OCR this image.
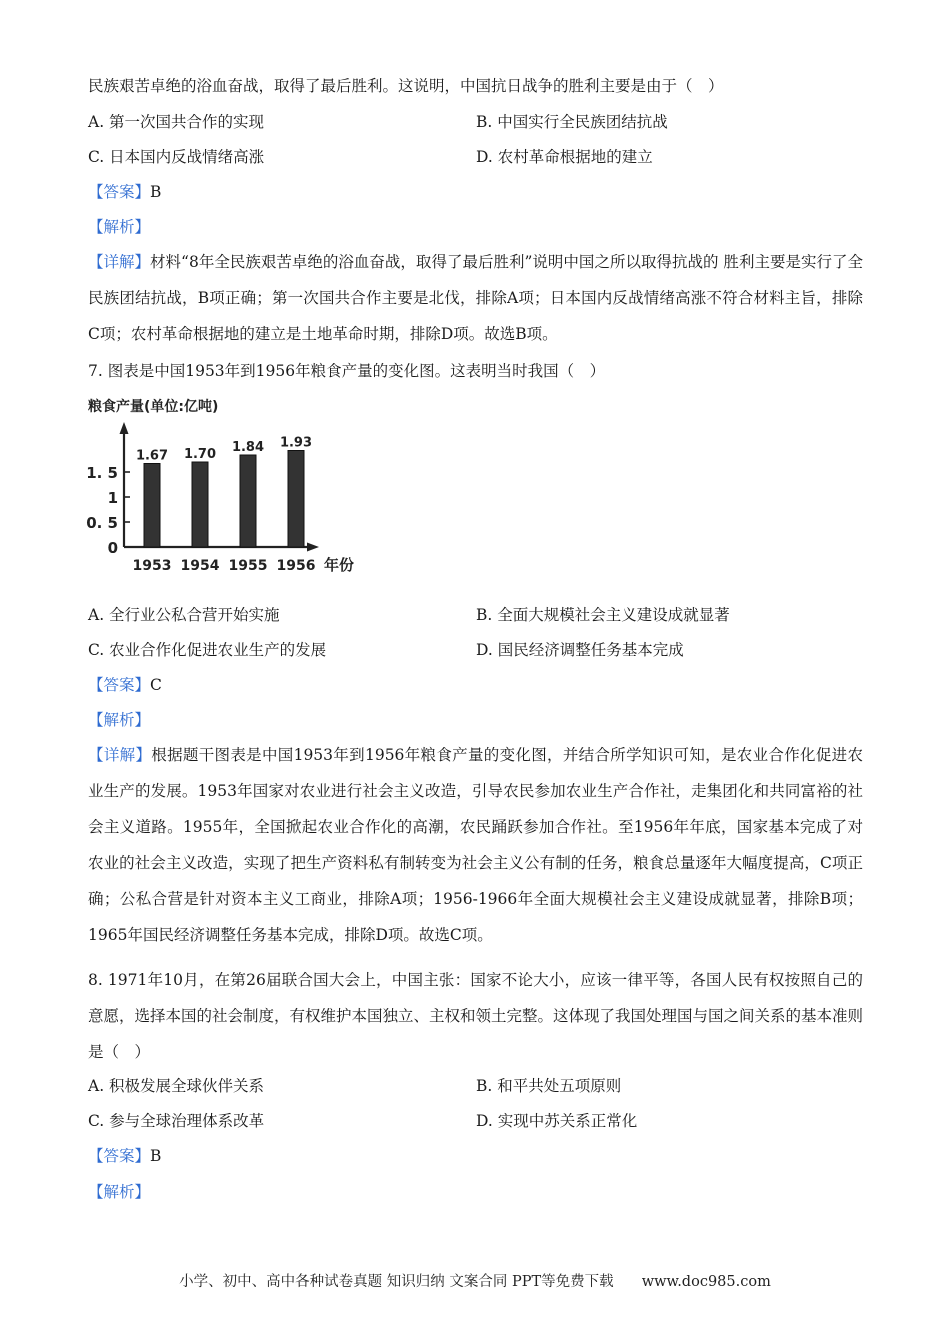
民族艰苦卓绝的浴血奋战，取得了最后胜利。这说明，中国抗日战争的胜利主要是由于（　）
A. 第一次国共合作的实现	B. 中国实行全民族团结抗战
C. 日本国内反战情绪高涨	D. 农村革命根据地的建立
【答案】B
【解析】
【详解】材料“8年全民族艰苦卓绝的浴血奋战，取得了最后胜利”说明中国之所以取得抗战的 胜利主要是实行了全民族团结抗战，B项正确；第一次国共合作主要是北伐，排除A项；日本国内反战情绪高涨不符合材料主旨，排除C项；农村革命根据地的建立是土地革命时期，排除D项。故选B项。
7. 图表是中国1953年到1956年粮食产量的变化图。这表明当时我国（　）
粮食产量(单位:亿吨)
年份
0
0. 5
1
1. 5
1.67
1953
1.70
1954
1.84
1955
1.93
1956
A. 全行业公私合营开始实施	B. 全面大规模社会主义建设成就显著
C. 农业合作化促进农业生产的发展	D. 国民经济调整任务基本完成
【答案】C
【解析】
【详解】根据题干图表是中国1953年到1956年粮食产量的变化图，并结合所学知识可知，是农业合作化促进农业生产的发展。1953年国家对农业进行社会主义改造，引导农民参加农业生产合作社，走集团化和共同富裕的社会主义道路。1955年，全国掀起农业合作化的高潮，农民踊跃参加合作社。至1956年年底，国家基本完成了对农业的社会主义改造，实现了把生产资料私有制转变为社会主义公有制的任务，粮食总量逐年大幅度提高，C项正确；公私合营是针对资本主义工商业，排除A项；1956-1966年全面大规模社会主义建设成就显著，排除B项；1965年国民经济调整任务基本完成，排除D项。故选C项。
8. 1971年10月，在第26届联合国大会上，中国主张：国家不论大小，应该一律平等，各国人民有权按照自己的意愿，选择本国的社会制度，有权维护本国独立、主权和领土完整。这体现了我国处理国与国之间关系的基本准则是（　）
A. 积极发展全球伙伴关系	B. 和平共处五项原则
C. 参与全球治理体系改革	D. 实现中苏关系正常化
【答案】B
【解析】
小学、初中、高中各种试卷真题 知识归纳 文案合同 PPT等免费下载 www.doc985.com
